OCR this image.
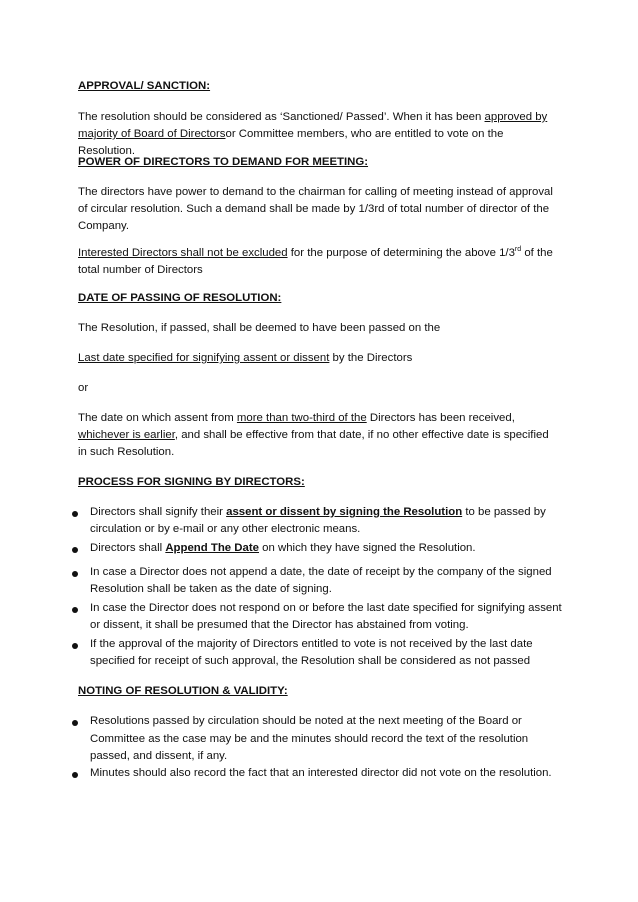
APPROVAL/ SANCTION:
The resolution should be considered as ‘Sanctioned/ Passed’. When it has been approved by majority of Board of Directorsor Committee members, who are entitled to vote on the Resolution.
POWER OF DIRECTORS TO DEMAND FOR MEETING:
The directors have power to demand to the chairman for calling of meeting instead of approval of circular resolution. Such a demand shall be made by 1/3rd of total number of director of the Company.
Interested Directors shall not be excluded for the purpose of determining the above 1/3rd of the total number of Directors
DATE OF PASSING OF RESOLUTION:
The Resolution, if passed, shall be deemed to have been passed on the
Last date specified for signifying assent or dissent by the Directors
or
The date on which assent from more than two-third of the Directors has been received, whichever is earlier, and shall be effective from that date, if no other effective date is specified in such Resolution.
PROCESS FOR SIGNING BY DIRECTORS:
Directors shall signify their assent or dissent by signing the Resolution to be passed by circulation or by e-mail or any other electronic means.
Directors shall Append The Date on which they have signed the Resolution.
In case a Director does not append a date, the date of receipt by the company of the signed Resolution shall be taken as the date of signing.
In case the Director does not respond on or before the last date specified for signifying assent or dissent, it shall be presumed that the Director has abstained from voting.
If the approval of the majority of Directors entitled to vote is not received by the last date specified for receipt of such approval, the Resolution shall be considered as not passed
NOTING OF RESOLUTION & VALIDITY:
Resolutions passed by circulation should be noted at the next meeting of the Board or Committee as the case may be and the minutes should record the text of the resolution passed, and dissent, if any.
Minutes should also record the fact that an interested director did not vote on the resolution.
